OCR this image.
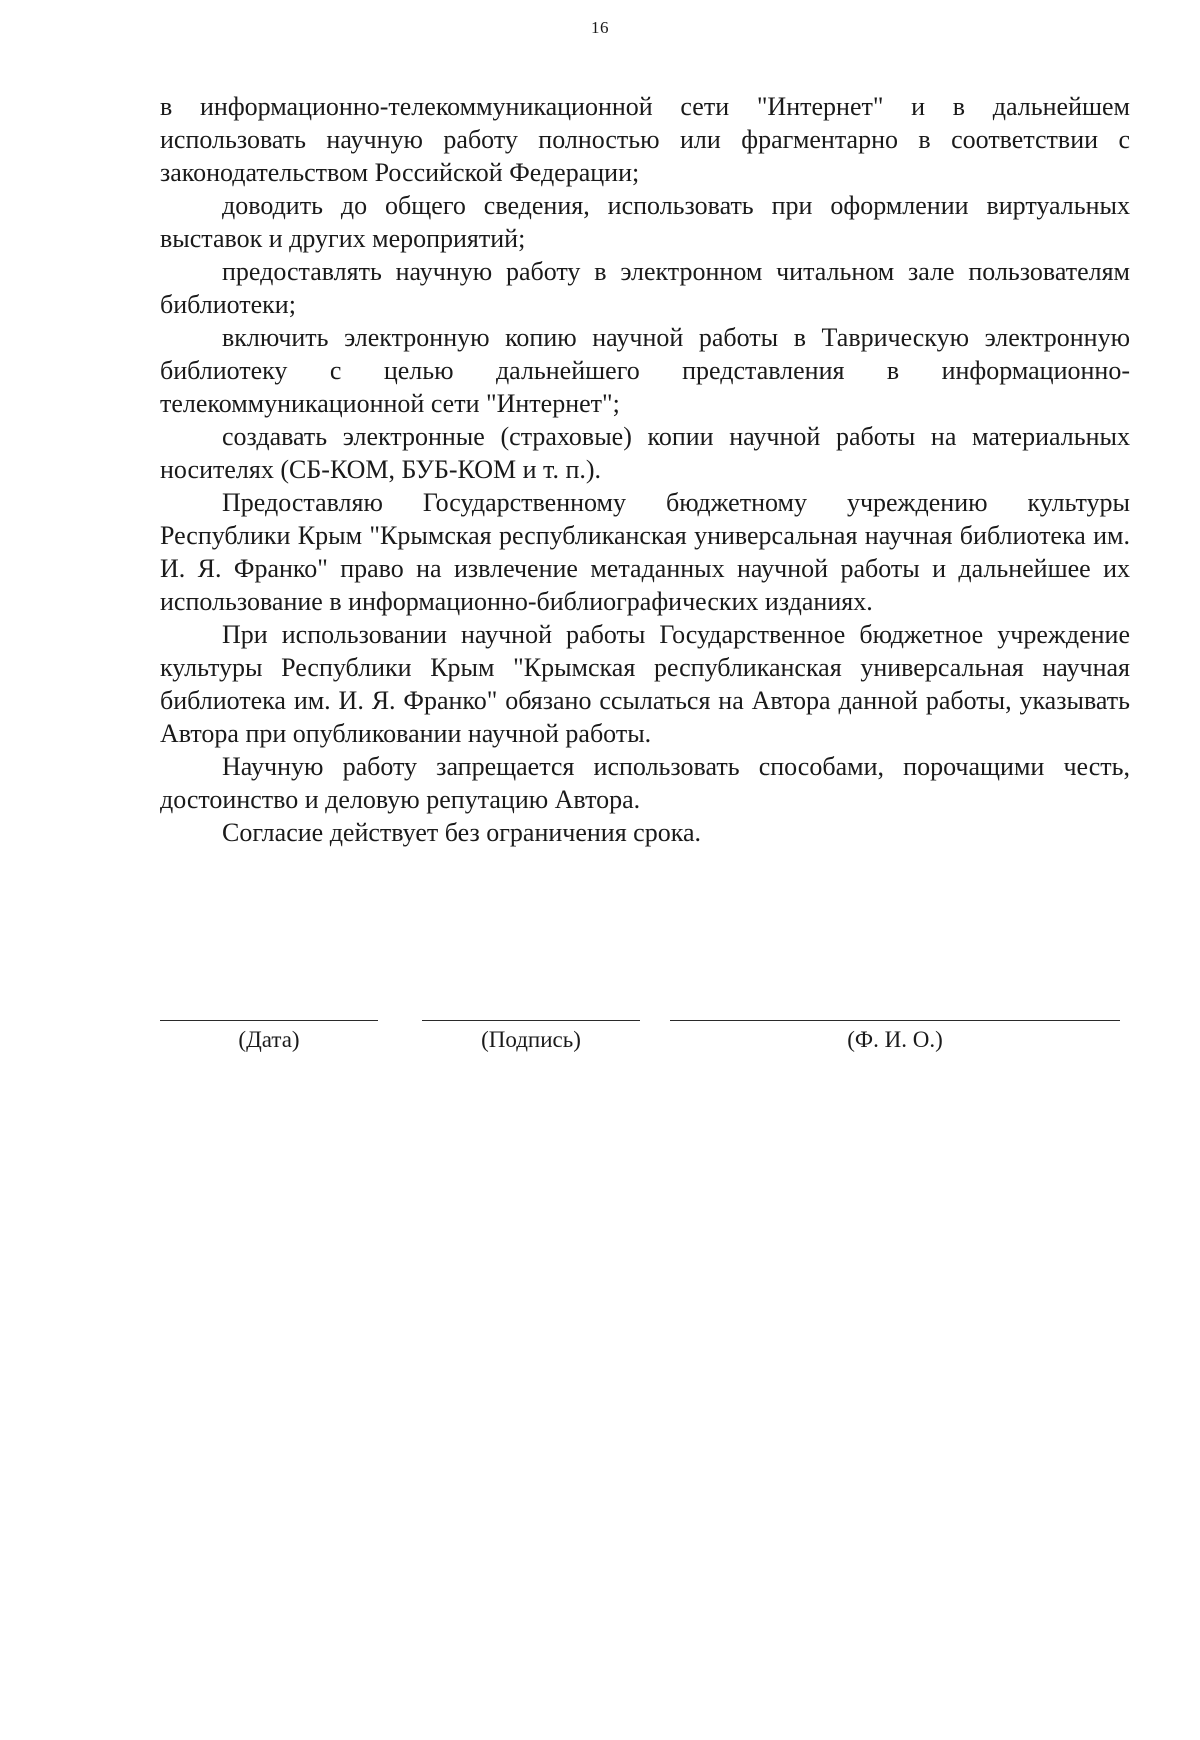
16

в информационно-телекоммуникационной сети "Интернет" и в дальнейшем использовать научную работу полностью или фрагментарно в соответствии с законодательством Российской Федерации;

доводить до общего сведения, использовать при оформлении виртуальных выставок и других мероприятий;

предоставлять научную работу в электронном читальном зале пользователям библиотеки;

включить электронную копию научной работы в Таврическую электронную библиотеку с целью дальнейшего представления в информационно-телекоммуникационной сети "Интернет";

создавать электронные (страховые) копии научной работы на материальных носителях (СБ-КОМ, БУБ-КОМ и т. п.).

Предоставляю Государственному бюджетному учреждению культуры Республики Крым "Крымская республиканская универсальная научная библиотека им. И. Я. Франко" право на извлечение метаданных научной работы и дальнейшее их использование в информационно-библиографических изданиях.

При использовании научной работы Государственное бюджетное учреждение культуры Республики Крым "Крымская республиканская универсальная научная библиотека им. И. Я. Франко" обязано ссылаться на Автора данной работы, указывать Автора при опубликовании научной работы.

Научную работу запрещается использовать способами, порочащими честь, достоинство и деловую репутацию Автора.

Согласие действует без ограничения срока.

(Дата)	(Подпись)	(Ф. И. О.)
